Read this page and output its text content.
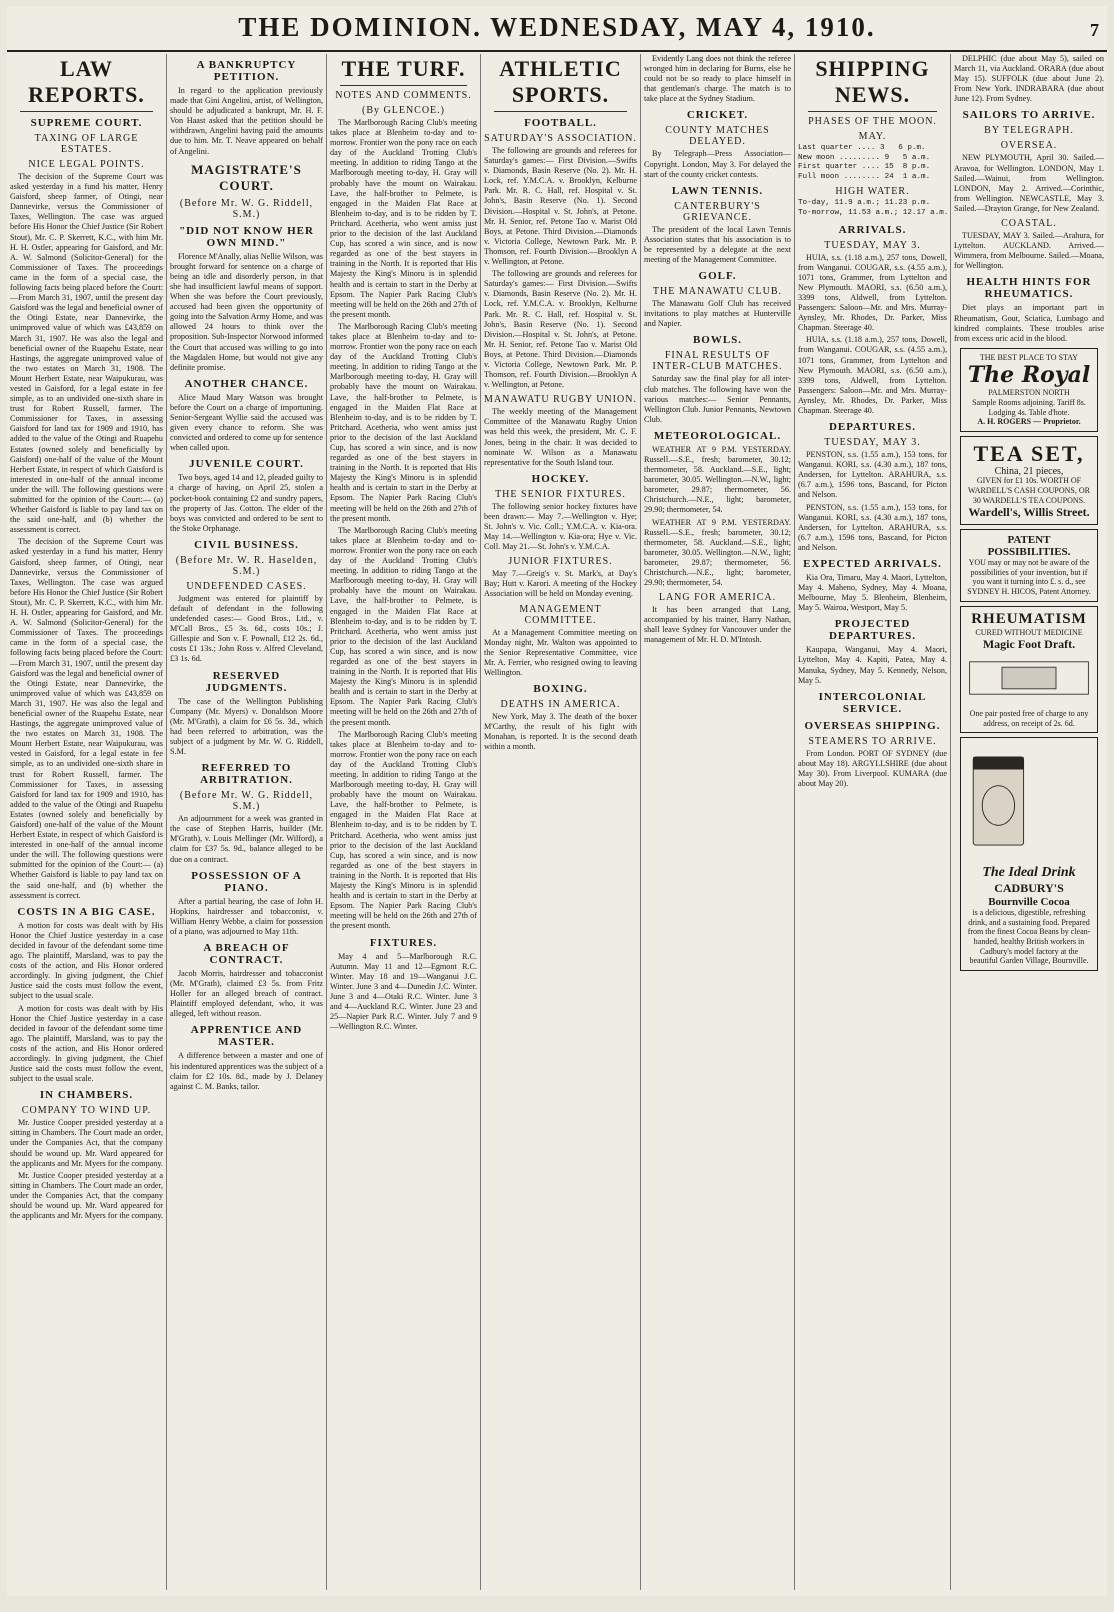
THE DOMINION. WEDNESDAY, MAY 4, 1910.	7
LAW REPORTS.
SUPREME COURT.
TAXING OF LARGE ESTATES.
NICE LEGAL POINTS.

The decision of the Supreme Court was asked yesterday in a fund his matter, Henry Gaisford, sheep farmer, of Otingi, near Dannevirke, versus the Commissioner of Taxes, Wellington. The case was argued before His Honor the Chief Justice (Sir Robert Stout), Mr. C. P. Skerrett, K.C., with him Mr. H. H. Ostler, appearing for Gaisford, and Mr. A. W. Salmond (Solicitor-General) for the Commissioner of Taxes. The proceedings came in the form of a special case, the following facts being placed before the Court:—From March 31, 1907, until the present day Gaisford was the legal and beneficial owner of the Otingi Estate, near Dannevirke, the unimproved value of which was £43,859 on March 31, 1907. He was also the legal and beneficial owner of the Ruapehu Estate, near Hastings, the aggregate unimproved value of the two estates on March 31, 1908. The Mount Herbert Estate, near Waipukurau, was vested in Gaisford, for a legal estate in fee simple, as to an undivided one-sixth share in trust for Robert Russell, farmer. The Commissioner for Taxes, in assessing Gaisford for land tax for 1909 and 1910, has added to the value of the Otingi and Ruapehu Estates (owned solely and beneficially by Gaisford) one-half of the value of the Mount Herbert Estate, in respect of which Gaisford is interested in one-half of the annual income under the will. The following questions were submitted for the opinion of the Court:— (a) Whether Gaisford is liable to pay land tax on the said one-half, and (b) whether the assessment is correct.

The decision of the Supreme Court was asked yesterday in a fund his matter, Henry Gaisford, sheep farmer, of Otingi, near Dannevirke, versus the Commissioner of Taxes, Wellington. The case was argued before His Honor the Chief Justice (Sir Robert Stout), Mr. C. P. Skerrett, K.C., with him Mr. H. H. Ostler, appearing for Gaisford, and Mr. A. W. Salmond (Solicitor-General) for the Commissioner of Taxes. The proceedings came in the form of a special case, the following facts being placed before the Court:—From March 31, 1907, until the present day Gaisford was the legal and beneficial owner of the Otingi Estate, near Dannevirke, the unimproved value of which was £43,859 on March 31, 1907. He was also the legal and beneficial owner of the Ruapehu Estate, near Hastings, the aggregate unimproved value of the two estates on March 31, 1908. The Mount Herbert Estate, near Waipukurau, was vested in Gaisford, for a legal estate in fee simple, as to an undivided one-sixth share in trust for Robert Russell, farmer. The Commissioner for Taxes, in assessing Gaisford for land tax for 1909 and 1910, has added to the value of the Otingi and Ruapehu Estates (owned solely and beneficially by Gaisford) one-half of the value of the Mount Herbert Estate, in respect of which Gaisford is interested in one-half of the annual income under the will. The following questions were submitted for the opinion of the Court:— (a) Whether Gaisford is liable to pay land tax on the said one-half, and (b) whether the assessment is correct.

COSTS IN A BIG CASE.

A motion for costs was dealt with by His Honor the Chief Justice yesterday in a case decided in favour of the defendant some time ago. The plaintiff, Marsland, was to pay the costs of the action, and His Honor ordered accordingly. In giving judgment, the Chief Justice said the costs must follow the event, subject to the usual scale.

A motion for costs was dealt with by His Honor the Chief Justice yesterday in a case decided in favour of the defendant some time ago. The plaintiff, Marsland, was to pay the costs of the action, and His Honor ordered accordingly. In giving judgment, the Chief Justice said the costs must follow the event, subject to the usual scale.

IN CHAMBERS.
COMPANY TO WIND UP.

Mr. Justice Cooper presided yesterday at a sitting in Chambers. The Court made an order, under the Companies Act, that the company should be wound up. Mr. Ward appeared for the applicants and Mr. Myers for the company.

Mr. Justice Cooper presided yesterday at a sitting in Chambers. The Court made an order, under the Companies Act, that the company should be wound up. Mr. Ward appeared for the applicants and Mr. Myers for the company.

A BANKRUPTCY PETITION.

In regard to the application previously made that Gini Angelini, artist, of Wellington, should be adjudicated a bankrupt, Mr. H. F. Von Haast asked that the petition should be withdrawn, Angelini having paid the amounts due to him. Mr. T. Neave appeared on behalf of Angelini.

MAGISTRATE'S COURT.
(Before Mr. W. G. Riddell, S.M.)
"DID NOT KNOW HER OWN MIND."

Florence M'Anally, alias Nellie Wilson, was brought forward for sentence on a charge of being an idle and disorderly person, in that she had insufficient lawful means of support. When she was before the Court previously, accused had been given the opportunity of going into the Salvation Army Home, and was allowed 24 hours to think over the proposition. Sub-Inspector Norwood informed the Court that accused was willing to go into the Magdalen Home, but would not give any definite promise.

ANOTHER CHANCE.

Alice Maud Mary Watson was brought before the Court on a charge of importuning. Senior-Sergeant Wyllie said the accused was given every chance to reform. She was convicted and ordered to come up for sentence when called upon.

JUVENILE COURT.

Two boys, aged 14 and 12, pleaded guilty to a charge of having, on April 25, stolen a pocket-book containing £2 and sundry papers, the property of Jas. Cotton. The elder of the boys was convicted and ordered to be sent to the Stoke Orphanage.

CIVIL BUSINESS.
(Before Mr. W. R. Haselden, S.M.)
UNDEFENDED CASES.

Judgment was entered for plaintiff by default of defendant in the following undefended cases:— Good Bros., Ltd., v. M'Call Bros., £5 3s. 6d., costs 10s.; J. Gillespie and Son v. F. Pownall, £12 2s. 6d., costs £1 13s.; John Ross v. Alfred Cleveland, £3 1s. 6d.

RESERVED JUDGMENTS.

The case of the Wellington Publishing Company (Mr. Myers) v. Donaldson Moore (Mr. M'Grath), a claim for £6 5s. 3d., which had been referred to arbitration, was the subject of a judgment by Mr. W. G. Riddell, S.M.

REFERRED TO ARBITRATION.
(Before Mr. W. G. Riddell, S.M.)

An adjournment for a week was granted in the case of Stephen Harris, builder (Mr. M'Grath), v. Louis Mellinger (Mr. Wilford), a claim for £37 5s. 9d., balance alleged to be due on a contract.

POSSESSION OF A PIANO.

After a partial hearing, the case of John H. Hopkins, hairdresser and tobacconist, v. William Henry Webbe, a claim for possession of a piano, was adjourned to May 11th.

A BREACH OF CONTRACT.

Jacob Morris, hairdresser and tobacconist (Mr. M'Grath), claimed £3 5s. from Fritz Holler for an alleged breach of contract. Plaintiff employed defendant, who, it was alleged, left without reason.

APPRENTICE AND MASTER.

A difference between a master and one of his indentured apprentices was the subject of a claim for £2 10s. 8d., made by J. Delaney against C. M. Banks, tailor.

THE TURF.
NOTES AND COMMENTS.
(By GLENCOE.)

The Marlborough Racing Club's meeting takes place at Blenheim to-day and to-morrow. Frontier won the pony race on each day of the Auckland Trotting Club's meeting. In addition to riding Tango at the Marlborough meeting to-day, H. Gray will probably have the mount on Wairakau. Lave, the half-brother to Pelmete, is engaged in the Maiden Flat Race at Blenheim to-day, and is to be ridden by T. Pritchard. Acetheria, who went amiss just prior to the decision of the last Auckland Cup, has scored a win since, and is now regarded as one of the best stayers in training in the North. It is reported that His Majesty the King's Minoru is in splendid health and is certain to start in the Derby at Epsom. The Napier Park Racing Club's meeting will be held on the 26th and 27th of the present month.

The Marlborough Racing Club's meeting takes place at Blenheim to-day and to-morrow. Frontier won the pony race on each day of the Auckland Trotting Club's meeting. In addition to riding Tango at the Marlborough meeting to-day, H. Gray will probably have the mount on Wairakau. Lave, the half-brother to Pelmete, is engaged in the Maiden Flat Race at Blenheim to-day, and is to be ridden by T. Pritchard. Acetheria, who went amiss just prior to the decision of the last Auckland Cup, has scored a win since, and is now regarded as one of the best stayers in training in the North. It is reported that His Majesty the King's Minoru is in splendid health and is certain to start in the Derby at Epsom. The Napier Park Racing Club's meeting will be held on the 26th and 27th of the present month.

The Marlborough Racing Club's meeting takes place at Blenheim to-day and to-morrow. Frontier won the pony race on each day of the Auckland Trotting Club's meeting. In addition to riding Tango at the Marlborough meeting to-day, H. Gray will probably have the mount on Wairakau. Lave, the half-brother to Pelmete, is engaged in the Maiden Flat Race at Blenheim to-day, and is to be ridden by T. Pritchard. Acetheria, who went amiss just prior to the decision of the last Auckland Cup, has scored a win since, and is now regarded as one of the best stayers in training in the North. It is reported that His Majesty the King's Minoru is in splendid health and is certain to start in the Derby at Epsom. The Napier Park Racing Club's meeting will be held on the 26th and 27th of the present month.

The Marlborough Racing Club's meeting takes place at Blenheim to-day and to-morrow. Frontier won the pony race on each day of the Auckland Trotting Club's meeting. In addition to riding Tango at the Marlborough meeting to-day, H. Gray will probably have the mount on Wairakau. Lave, the half-brother to Pelmete, is engaged in the Maiden Flat Race at Blenheim to-day, and is to be ridden by T. Pritchard. Acetheria, who went amiss just prior to the decision of the last Auckland Cup, has scored a win since, and is now regarded as one of the best stayers in training in the North. It is reported that His Majesty the King's Minoru is in splendid health and is certain to start in the Derby at Epsom. The Napier Park Racing Club's meeting will be held on the 26th and 27th of the present month.

FIXTURES.

May 4 and 5—Marlborough R.C. Autumn. May 11 and 12—Egmont R.C. Winter. May 18 and 19—Wanganui J.C. Winter. June 3 and 4—Dunedin J.C. Winter. June 3 and 4—Otaki R.C. Winter. June 3 and 4—Auckland R.C. Winter. June 23 and 25—Napier Park R.C. Winter. July 7 and 9—Wellington R.C. Winter.

ATHLETIC SPORTS.
FOOTBALL.
SATURDAY'S ASSOCIATION.

The following are grounds and referees for Saturday's games:— First Division.—Swifts v. Diamonds, Basin Reserve (No. 2). Mr. H. Lock, ref. Y.M.C.A. v. Brooklyn, Kelburne Park. Mr. R. C. Hall, ref. Hospital v. St. John's, Basin Reserve (No. 1). Second Division.—Hospital v. St. John's, at Petone. Mr. H. Senior, ref. Petone Tao v. Marist Old Boys, at Petone. Third Division.—Diamonds v. Victoria College, Newtown Park. Mr. P. Thomson, ref. Fourth Division.—Brooklyn A v. Wellington, at Petone.

The following are grounds and referees for Saturday's games:— First Division.—Swifts v. Diamonds, Basin Reserve (No. 2). Mr. H. Lock, ref. Y.M.C.A. v. Brooklyn, Kelburne Park. Mr. R. C. Hall, ref. Hospital v. St. John's, Basin Reserve (No. 1). Second Division.—Hospital v. St. John's, at Petone. Mr. H. Senior, ref. Petone Tao v. Marist Old Boys, at Petone. Third Division.—Diamonds v. Victoria College, Newtown Park. Mr. P. Thomson, ref. Fourth Division.—Brooklyn A v. Wellington, at Petone.

MANAWATU RUGBY UNION.

The weekly meeting of the Management Committee of the Manawatu Rugby Union was held this week, the president, Mr. C. F. Jones, being in the chair. It was decided to nominate W. Wilson as a Manawatu representative for the South Island tour.

HOCKEY.
THE SENIOR FIXTURES.

The following senior hockey fixtures have been drawn:— May 7.—Wellington v. Hye; St. John's v. Vic. Coll.; Y.M.C.A. v. Kia-ora. May 14.—Wellington v. Kia-ora; Hye v. Vic. Coll. May 21.—St. John's v. Y.M.C.A.

JUNIOR FIXTURES.

May 7.—Greig's v. St. Mark's, at Day's Bay; Hutt v. Karori. A meeting of the Hockey Association will be held on Monday evening.

MANAGEMENT COMMITTEE.

At a Management Committee meeting on Monday night, Mr. Walton was appointed to the Senior Representative Committee, vice Mr. A. Ferrier, who resigned owing to leaving Wellington.

BOXING.
DEATHS IN AMERICA.

New York, May 3. The death of the boxer M'Carthy, the result of his fight with Monahan, is reported. It is the second death within a month.

Evidently Lang does not think the referee wronged him in declaring for Burns, else he could not be so ready to place himself in that gentleman's charge. The match is to take place at the Sydney Stadium.

CRICKET.
COUNTY MATCHES DELAYED.

By Telegraph—Press Association—Copyright. London, May 3. For delayed the start of the county cricket contests.

LAWN TENNIS.
CANTERBURY'S GRIEVANCE.

The president of the local Lawn Tennis Association states that his association is to be represented by a delegate at the next meeting of the Management Committee.

GOLF.
THE MANAWATU CLUB.

The Manawatu Golf Club has received invitations to play matches at Hunterville and Napier.

BOWLS.
FINAL RESULTS OF INTER-CLUB MATCHES.

Saturday saw the final play for all inter-club matches. The following have won the various matches:— Senior Pennants, Wellington Club. Junior Pennants, Newtown Club.

METEOROLOGICAL.

WEATHER AT 9 P.M. YESTERDAY. Russell.—S.E., fresh; barometer, 30.12; thermometer, 58. Auckland.—S.E., light; barometer, 30.05. Wellington.—N.W., light; barometer, 29.87; thermometer, 56. Christchurch.—N.E., light; barometer, 29.90; thermometer, 54.

WEATHER AT 9 P.M. YESTERDAY. Russell.—S.E., fresh; barometer, 30.12; thermometer, 58. Auckland.—S.E., light; barometer, 30.05. Wellington.—N.W., light; barometer, 29.87; thermometer, 56. Christchurch.—N.E., light; barometer, 29.90; thermometer, 54.

LANG FOR AMERICA.

It has been arranged that Lang, accompanied by his trainer, Harry Nathan, shall leave Sydney for Vancouver under the management of Mr. H. D. M'Intosh.

SHIPPING NEWS.
PHASES OF THE MOON.
MAY.
Last quarter .... 3   6 p.m.
New moon ......... 9   5 a.m.
First quarter .... 15  8 p.m.
Full moon ........ 24  1 a.m.
HIGH WATER.
To-day, 11.9 a.m.; 11.23 p.m.
To-morrow, 11.53 a.m.; 12.17 a.m.
ARRIVALS.
TUESDAY, MAY 3.

HUIA, s.s. (1.18 a.m.), 257 tons, Dowell, from Wanganui. COUGAR, s.s. (4.55 a.m.), 1071 tons, Grammer, from Lyttelton and New Plymouth. MAORI, s.s. (6.50 a.m.), 3399 tons, Aldwell, from Lyttelton. Passengers: Saloon—Mr. and Mrs. Murray-Aynsley, Mr. Rhodes, Dr. Parker, Miss Chapman. Steerage 40.

HUIA, s.s. (1.18 a.m.), 257 tons, Dowell, from Wanganui. COUGAR, s.s. (4.55 a.m.), 1071 tons, Grammer, from Lyttelton and New Plymouth. MAORI, s.s. (6.50 a.m.), 3399 tons, Aldwell, from Lyttelton. Passengers: Saloon—Mr. and Mrs. Murray-Aynsley, Mr. Rhodes, Dr. Parker, Miss Chapman. Steerage 40.

DEPARTURES.
TUESDAY, MAY 3.

PENSTON, s.s. (1.55 a.m.), 153 tons, for Wanganui. KORI, s.s. (4.30 a.m.), 187 tons, Andersen, for Lyttelton. ARAHURA, s.s. (6.7 a.m.), 1596 tons, Bascand, for Picton and Nelson.

PENSTON, s.s. (1.55 a.m.), 153 tons, for Wanganui. KORI, s.s. (4.30 a.m.), 187 tons, Andersen, for Lyttelton. ARAHURA, s.s. (6.7 a.m.), 1596 tons, Bascand, for Picton and Nelson.

EXPECTED ARRIVALS.

Kia Ora, Timaru, May 4. Maori, Lyttelton, May 4. Maheno, Sydney, May 4. Moana, Melbourne, May 5. Blenheim, Blenheim, May 5. Wairoa, Westport, May 5.

PROJECTED DEPARTURES.

Kaupapa, Wanganui, May 4. Maori, Lyttelton, May 4. Kapiti, Patea, May 4. Manuka, Sydney, May 5. Kennedy, Nelson, May 5.

INTERCOLONIAL SERVICE.
OVERSEAS SHIPPING.
STEAMERS TO ARRIVE.

From London. PORT OF SYDNEY (due about May 18). ARGYLLSHIRE (due about May 30). From Liverpool. KUMARA (due about May 20).

DELPHIC (due about May 5), sailed on March 11, via Auckland. ORARA (due about May 15). SUFFOLK (due about June 2). From New York. INDRABARA (due about June 12). From Sydney.

SAILORS TO ARRIVE.
BY TELEGRAPH.
OVERSEA.

NEW PLYMOUTH, April 30. Sailed.—Aravoa, for Wellington. LONDON, May 1. Sailed.—Wainui, from Wellington. LONDON, May 2. Arrived.—Corinthic, from Wellington. NEWCASTLE, May 3. Sailed.—Drayton Grange, for New Zealand.

COASTAL.

TUESDAY, MAY 3. Sailed.—Arahura, for Lyttelton. AUCKLAND. Arrived.—Wimmera, from Melbourne. Sailed.—Moana, for Wellington.

HEALTH HINTS FOR RHEUMATICS.

Diet plays an important part in Rheumatism, Gout, Sciatica, Lumbago and kindred complaints. These troubles arise from excess uric acid in the blood.

THE BEST PLACE TO STAY
The Royal
PALMERSTON NORTH
Sample Rooms adjoining. Tariff 8s. Lodging 4s. Table d'hote.
A. H. ROGERS — Proprietor.
TEA SET,
China, 21 pieces,
GIVEN for £1 10s. WORTH OF WARDELL'S CASH COUPONS, OR 30 WARDELL'S TEA COUPONS.
Wardell's, Willis Street.
PATENT POSSIBILITIES.
YOU may or may not be aware of the possibilities of your invention, but if you want it turning into £. s. d., see SYDNEY H. HICOS, Patent Attorney.
RHEUMATISM
CURED WITHOUT MEDICINE
Magic Foot Draft.
One pair posted free of charge to any address, on receipt of 2s. 6d.
The Ideal Drink
CADBURY'S
Bournville Cocoa
is a delicious, digestible, refreshing drink, and a sustaining food. Prepared from the finest Cocoa Beans by clean-handed, healthy British workers in Cadbury's model factory at the beautiful Garden Village, Bournville.
